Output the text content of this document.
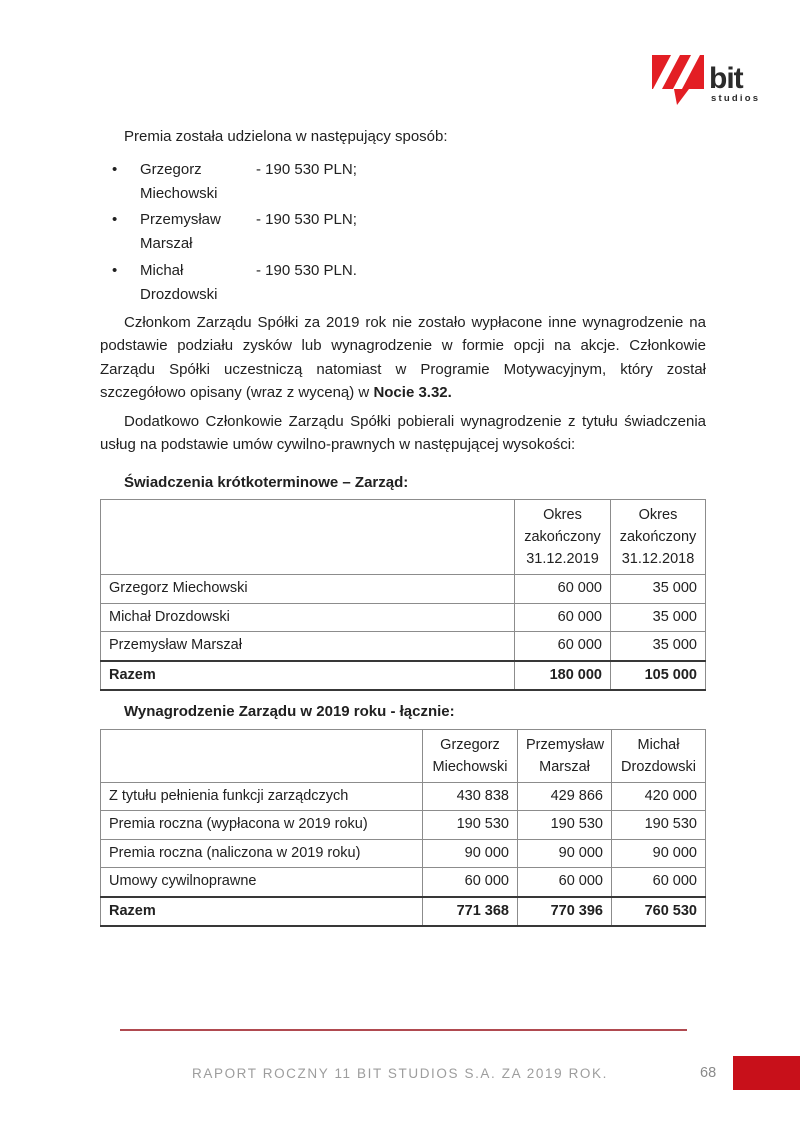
bit
studios

Premia została udzielona w następujący sposób:

•	Grzegorz Miechowski
- 190 530 PLN;
•	Przemysław Marszał
- 190 530 PLN;
•	Michał Drozdowski
- 190 530 PLN.

Członkom Zarządu Spółki za 2019 rok nie zostało wypłacone inne wynagrodzenie na podstawie podziału zysków lub wynagrodzenie w formie opcji na akcje. Członkowie Zarządu Spółki uczestniczą natomiast w Programie Motywacyjnym, który został szczegółowo opisany (wraz z wyceną) w Nocie 3.32.

Dodatkowo Członkowie Zarządu Spółki pobierali wynagrodzenie z tytułu świadczenia usług na podstawie umów cywilno-prawnych w następującej wysokości:

Świadczenia krótkoterminowe – Zarząd:
	Okres zakończony 31.12.2019	Okres zakończony 31.12.2018
Grzegorz Miechowski	60 000	35 000
Michał Drozdowski	60 000	35 000
Przemysław Marszał	60 000	35 000
Razem	180 000	105 000
Wynagrodzenie Zarządu w 2019 roku - łącznie:
	Grzegorz Miechowski	Przemysław Marszał	Michał Drozdowski
Z tytułu pełnienia funkcji zarządczych	430 838	429 866	420 000
Premia roczna (wypłacona w 2019 roku)	190 530	190 530	190 530
Premia roczna (naliczona w 2019 roku)	90 000	90 000	90 000
Umowy cywilnoprawne	60 000	60 000	60 000
Razem	771 368	770 396	760 530
RAPORT ROCZNY 11 BIT STUDIOS S.A. ZA 2019 ROK.	68
